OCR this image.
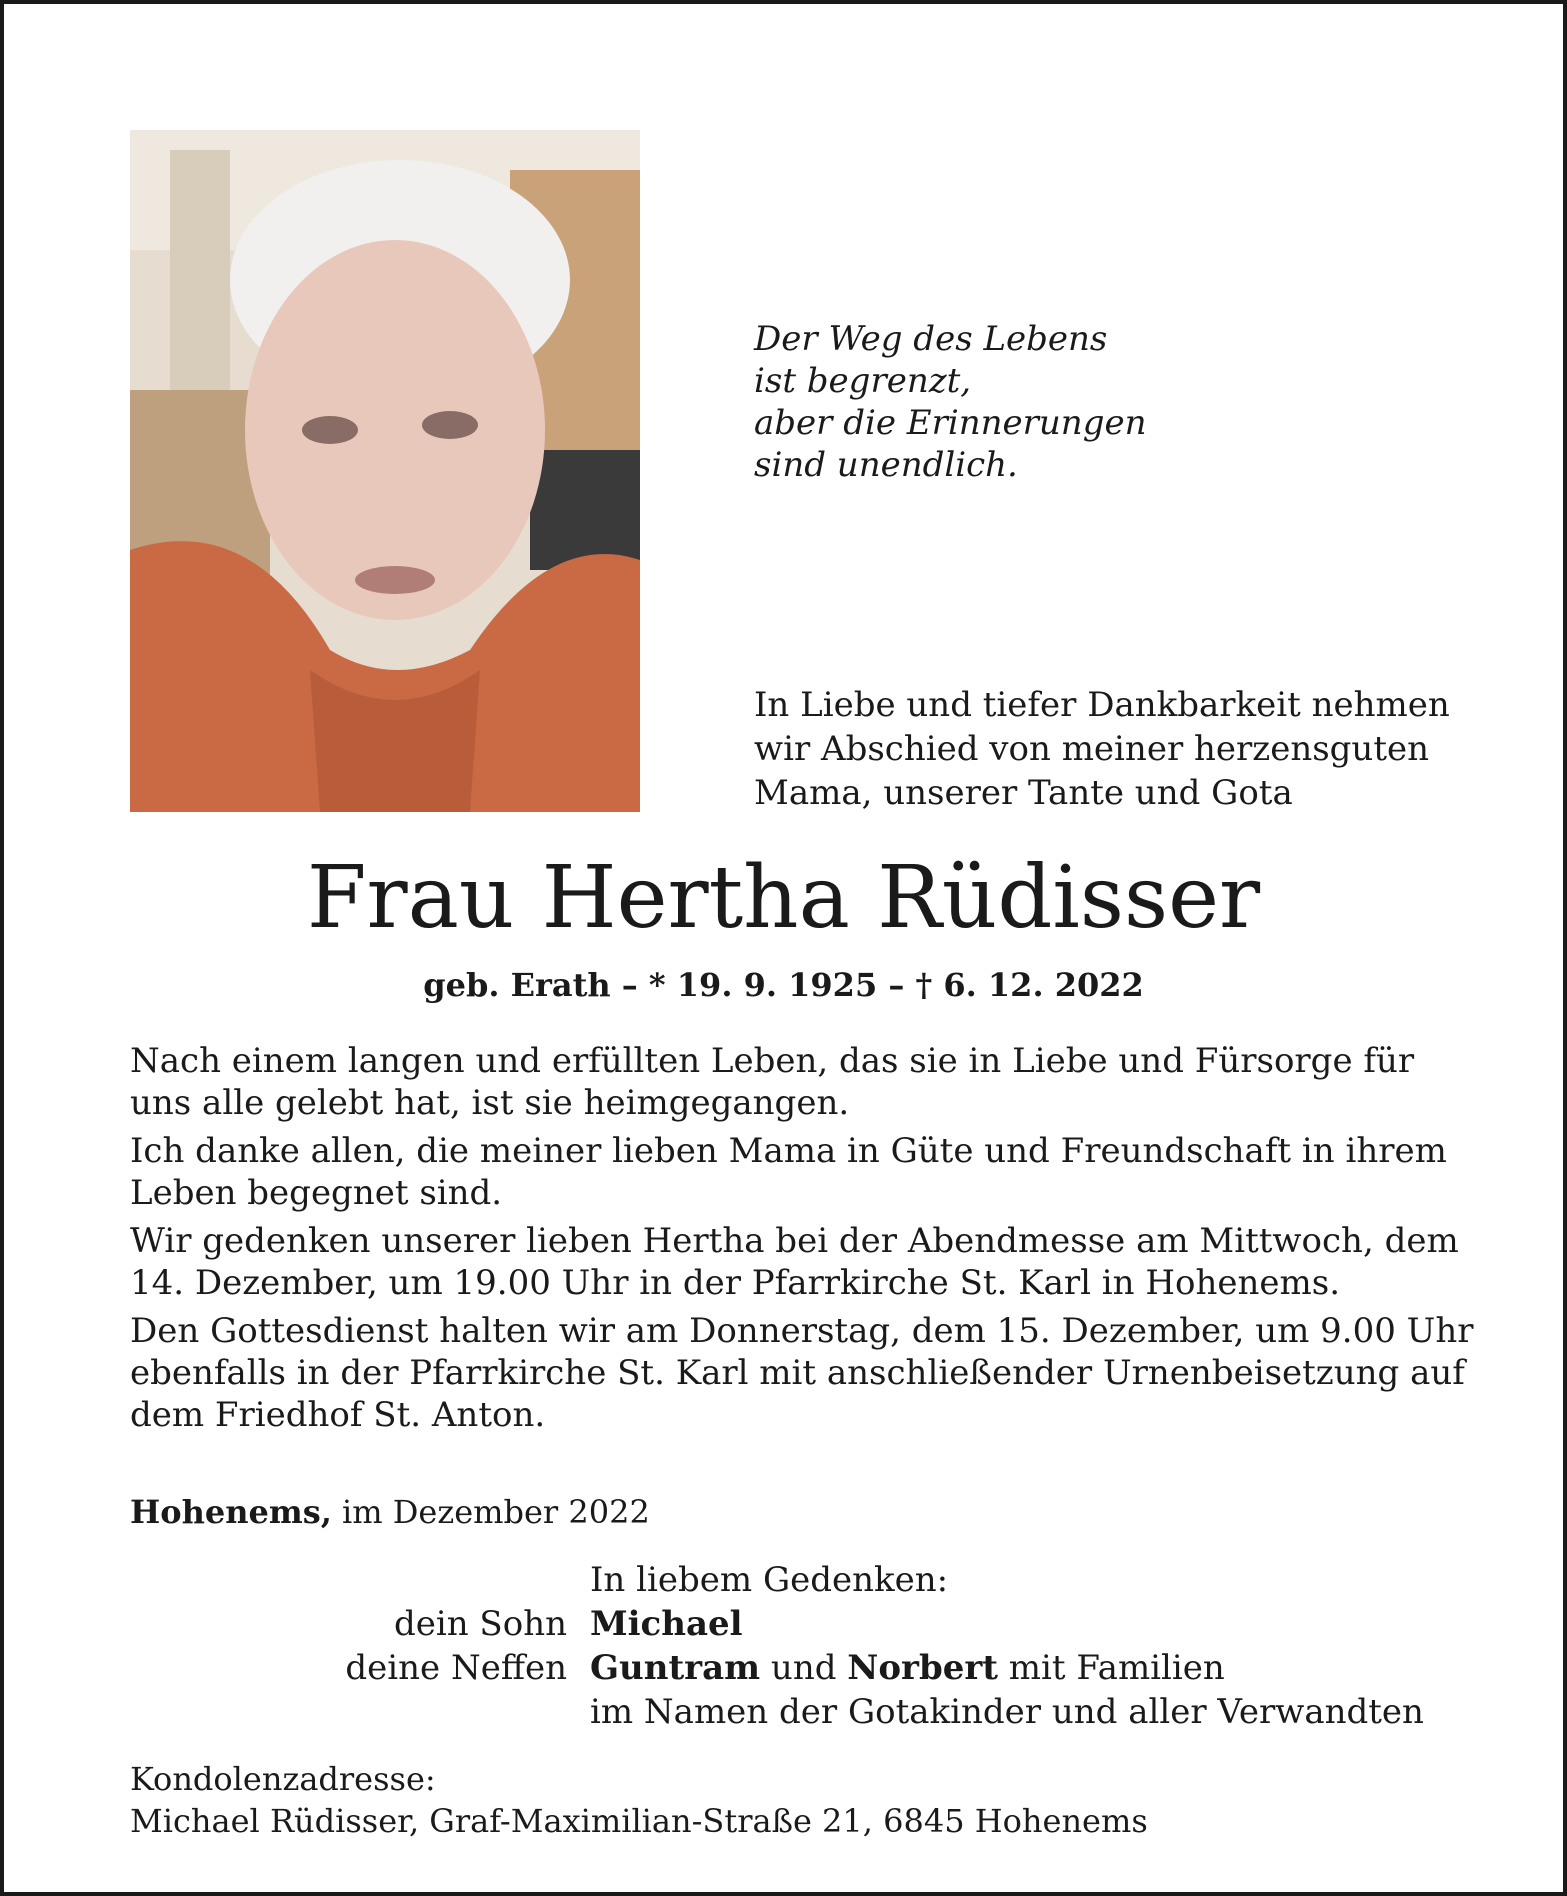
Der Weg des Lebens
ist begrenzt,
aber die Erinnerungen
sind unendlich.
In Liebe und tiefer Dankbarkeit nehmen
wir Abschied von meiner herzensguten
Mama, unserer Tante und Gota
Frau Hertha Rüdisser
geb. Erath – * 19. 9. 1925 – † 6. 12. 2022
Nach einem langen und erfüllten Leben, das sie in Liebe und Fürsorge für
uns alle gelebt hat, ist sie heimgegangen.
Ich danke allen, die meiner lieben Mama in Güte und Freundschaft in ihrem
Leben begegnet sind.
Wir gedenken unserer lieben Hertha bei der Abendmesse am Mittwoch, dem
14. Dezember, um 19.00 Uhr in der Pfarrkirche St. Karl in Hohenems.
Den Gottesdienst halten wir am Donnerstag, dem 15. Dezember, um 9.00 Uhr
ebenfalls in der Pfarrkirche St. Karl mit anschließender Urnenbeisetzung auf
dem Friedhof St. Anton.
Hohenems, im Dezember 2022
In liebem Gedenken:
dein Sohn Michael
deine Neffen Guntram und Norbert mit Familien
im Namen der Gotakinder und aller Verwandten
Kondolenzadresse:
Michael Rüdisser, Graf-Maximilian-Straße 21, 6845 Hohenems
